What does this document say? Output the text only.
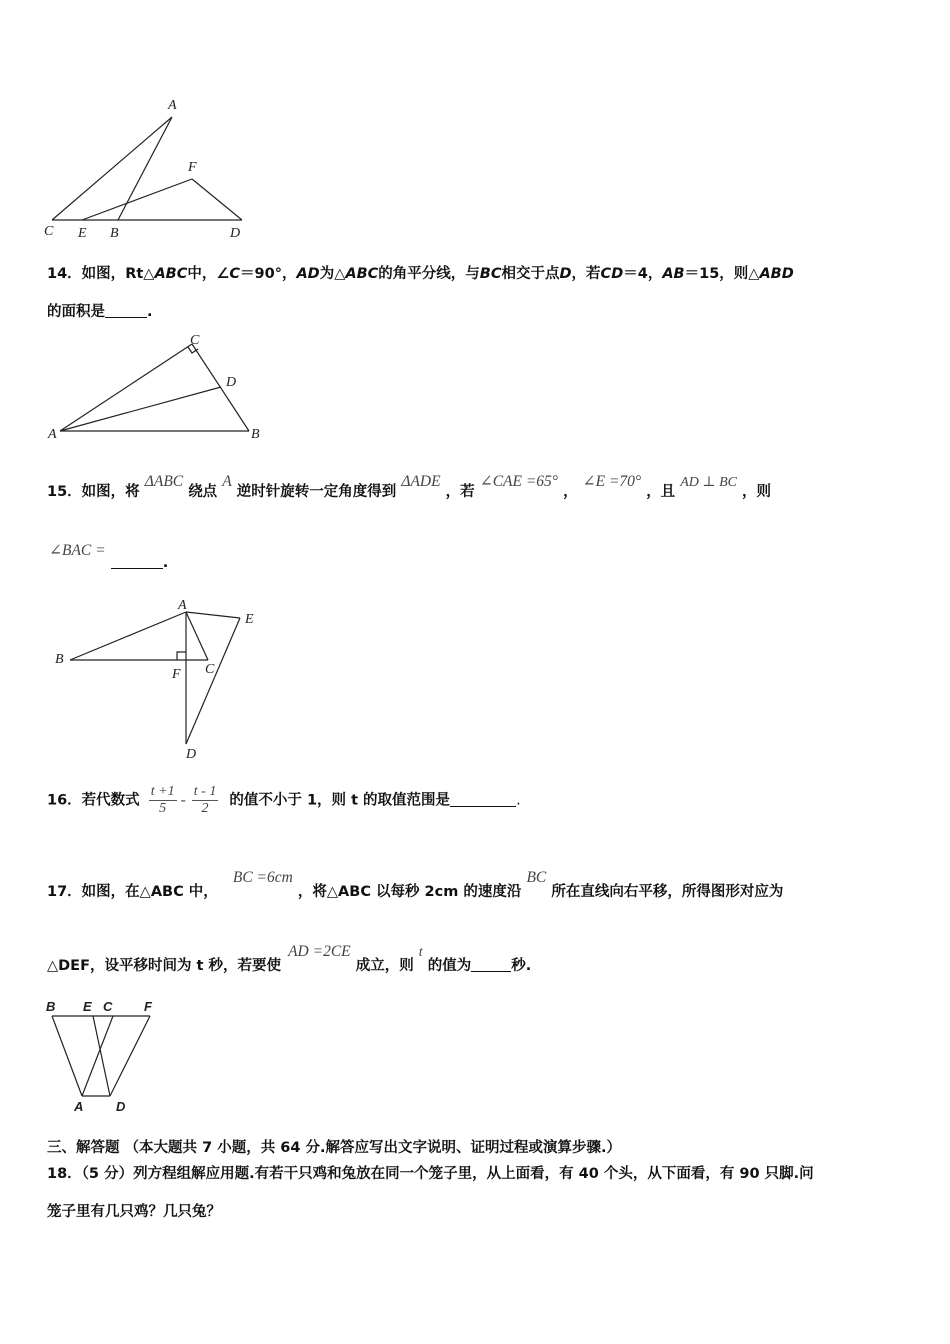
A
F
C E B	D
14．如图，Rt△ABC中，∠C＝90°，AD为△ABC的角平分线，与BC相交于点D，若CD＝4，AB＝15，则△ABD
的面积是	.
C
D
A	B
15．如图，将 ΔABC 绕点 A 逆时针旋转一定角度得到 ΔADE ，若 ∠CAE =65° ， ∠E =70° ，且 AD ⊥ BC ，则
∠BAC = .
A
E
B
F C
D
16．若代数式 $\frac{t +1}{5} - \frac{t - 1}{2}$ 的值不小于 1，则 t 的取值范围是	.
17．如图，在△ABC 中， BC =6cm ，将△ABC 以每秒 2cm 的速度沿 BC 所在直线向右平移，所得图形对应为
△DEF，设平移时间为 t 秒，若要使 AD =2CE 成立，则 t 的值为	秒.
B E C F
A	D
三、解答题 （本大题共 7 小题，共 64 分.解答应写出文字说明、证明过程或演算步骤.）
18．（5 分）列方程组解应用题.有若干只鸡和兔放在同一个笼子里，从上面看，有 40 个头，从下面看，有 90 只脚.问
笼子里有几只鸡？几只兔？
